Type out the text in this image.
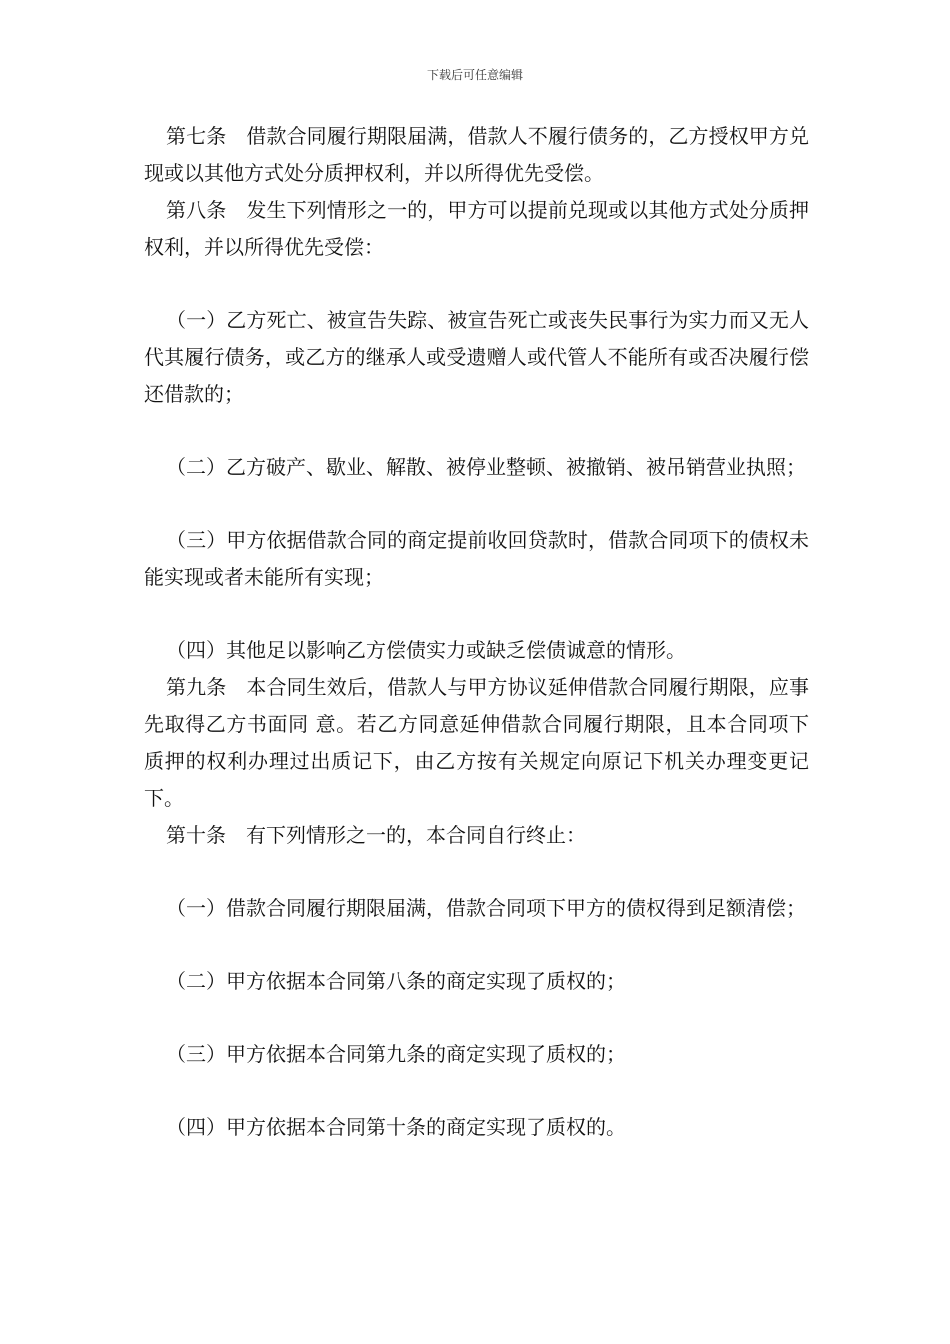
下载后可任意编辑

第七条　借款合同履行期限届满，借款人不履行债务的，乙方授权甲方兑现或以其他方式处分质押权利，并以所得优先受偿。

第八条　发生下列情形之一的，甲方可以提前兑现或以其他方式处分质押权利，并以所得优先受偿：

（一）乙方死亡、被宣告失踪、被宣告死亡或丧失民事行为实力而又无人代其履行债务，或乙方的继承人或受遗赠人或代管人不能所有或否决履行偿还借款的；

（二）乙方破产、歇业、解散、被停业整顿、被撤销、被吊销营业执照；

（三）甲方依据借款合同的商定提前收回贷款时，借款合同项下的债权未能实现或者未能所有实现；

（四）其他足以影响乙方偿债实力或缺乏偿债诚意的情形。

第九条　本合同生效后，借款人与甲方协议延伸借款合同履行期限，应事先取得乙方书面同 意。若乙方同意延伸借款合同履行期限，且本合同项下质押的权利办理过出质记下，由乙方按有关规定向原记下机关办理变更记下。

第十条　有下列情形之一的，本合同自行终止：

（一）借款合同履行期限届满，借款合同项下甲方的债权得到足额清偿；

（二）甲方依据本合同第八条的商定实现了质权的；

（三）甲方依据本合同第九条的商定实现了质权的；

（四）甲方依据本合同第十条的商定实现了质权的。
